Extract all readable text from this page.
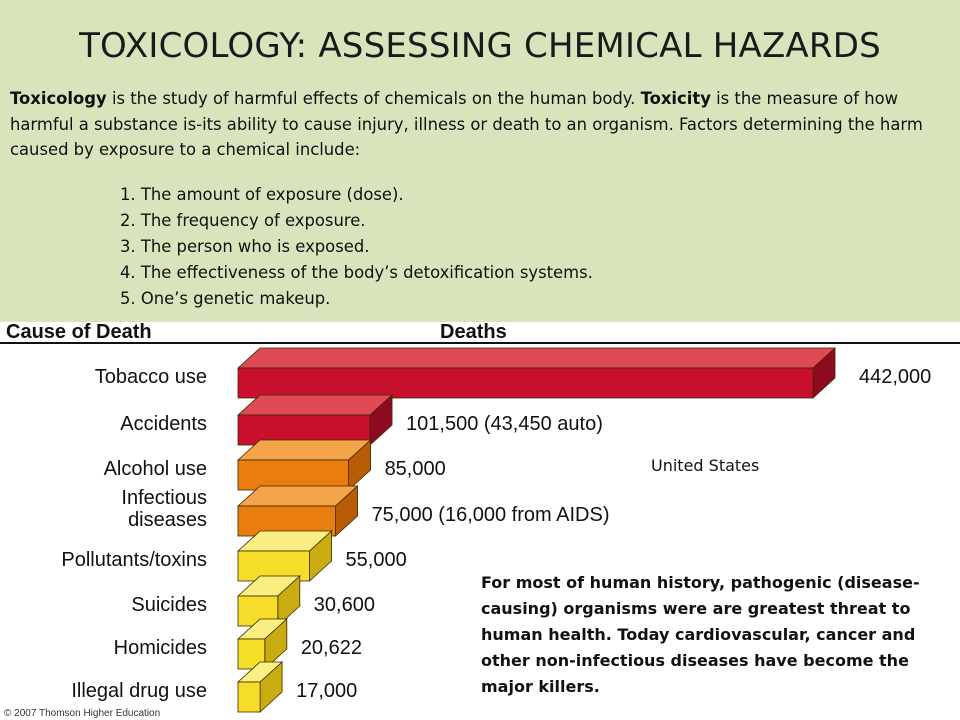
TOXICOLOGY: ASSESSING CHEMICAL HAZARDS
Toxicology is the study of harmful effects of chemicals on the human body. Toxicity is the measure of how harmful a substance is-its ability to cause injury, illness or death to an organism. Factors determining the harm caused by exposure to a chemical include:
1. The amount of exposure (dose).
2. The frequency of exposure.
3. The person who is exposed.
4. The effectiveness of the body’s detoxification systems.
5. One’s genetic makeup.
Cause of Death	Deaths
442,000
Tobacco use
101,500 (43,450 auto)
Accidents
85,000
Alcohol use
75,000 (16,000 from AIDS)
Infectious
diseases
55,000
Pollutants/toxins
30,600
Suicides
20,622
Homicides
17,000
Illegal drug use
© 2007 Thomson Higher Education
United States
For most of human history, pathogenic (disease-causing) organisms were are greatest threat to human health. Today cardiovascular, cancer and other non-infectious diseases have become the major killers.
